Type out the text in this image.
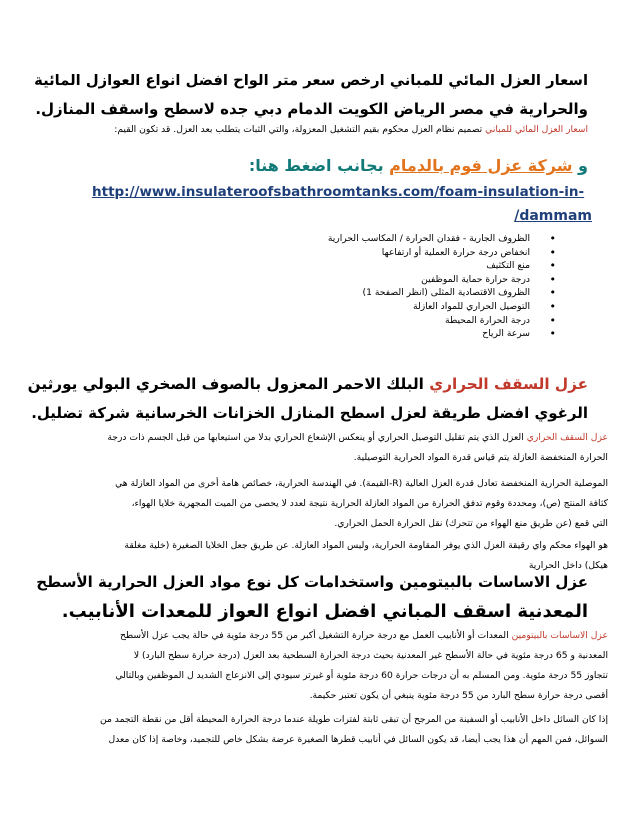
اسعار العزل المائي للمباني ارخص سعر متر الواح افضل انواع العوازل المائية
والحرارية في مصر الرياض الكويت الدمام دبي جده لاسطح واسقف المنازل.
اسعار العزل المائي للمباني تصميم نظام العزل محكوم بقيم التشغيل المعزولة، والتي الثبات يتطلب بعد العزل. قد تكون القيم:
و شركة عزل فوم بالدمام بجانب اضغط هنا:
http://www.insulateroofsbathroomtanks.com/foam-insulation-in-
/dammam
• الظروف الجارية - فقدان الحرارة / المكاسب الحرارية
• انخفاض درجة حرارة العملية أو ارتفاعها
• منع التكثيف
• درجة حرارة حماية الموظفين
• الظروف الاقتصادية المثلى (انظر الصفحة 1)
• التوصيل الحراري للمواد العازلة
• درجة الحرارة المحيطة
• سرعة الرياح
عزل السقف الحراري البلك الاحمر المعزول بالصوف الصخري البولي يورثين
الرغوي افضل طريقة لعزل اسطح المنازل الخزانات الخرسانية شركة تضليل.
عزل السقف الحراري العزل الذي يتم تقليل التوصيل الحراري أو ينعكس الإشعاع الحراري بدلا من استيعابها من قبل الجسم ذات درجة
الحرارة المنخفضة العازلة يتم قياس قدرة المواد الحرارية التوصيلية.
الموصلية الحرارية المنخفضة تعادل قدرة العزل العالية (R-القيمة). في الهندسة الحرارية، خصائص هامة أخرى من المواد العازلة هي
كثافة المنتج (ص)، ومحددة وقوم تدفق الحرارة من المواد العازلة الحرارية نتيجة لعدد لا يحصى من الميت المجهرية خلايا الهواء،
التي قمع (عن طريق منع الهواء من تتحرك) نقل الحرارة الحمل الحراري.
هو الهواء محكم واي رقيقة العزل الذي يوفر المقاومة الحرارية، وليس المواد العازلة. عن طريق جعل الخلايا الصغيرة (خلية مغلقة
هيكل) داخل الحرارية
عزل الاساسات بالبيتومين واستخدامات كل نوع مواد العزل الحرارية الأسطح
المعدنية اسقف المباني افضل انواع العواز للمعدات الأنابيب.
عزل الاساسات بالبيتومين المعدات أو الأنابيب العمل مع درجة حرارة التشغيل أكبر من 55 درجة مئوية في حالة يجب عزل الأسطح
المعدنية و 65 درجة مئوية في حالة الأسطح غير المعدنية بحيث درجة الحرارة السطحية بعد العزل (درجة حرارة سطح البارد) لا
تتجاوز 55 درجة مئوية. ومن المسلم به أن درجات حرارة 60 درجة مئوية أو غيرتر سيودي إلى الانزعاج الشديد ل الموظفين وبالتالي
أقصى درجة حرارة سطح البارد من 55 درجة مئوية ينبغي أن يكون تعتبر حكيمة.
إذا كان السائل داخل الأنابيب أو السفينة من المرجح أن تبقى ثابتة لفترات طويلة عندما درجة الحرارة المحيطة أقل من نقطة التجمد من
السوائل، فمن المهم أن هذا يجب أيضا، قد يكون السائل في أنابيب قطرها الصغيرة عرضة بشكل خاص للتجميد، وخاصة إذا كان معدل
